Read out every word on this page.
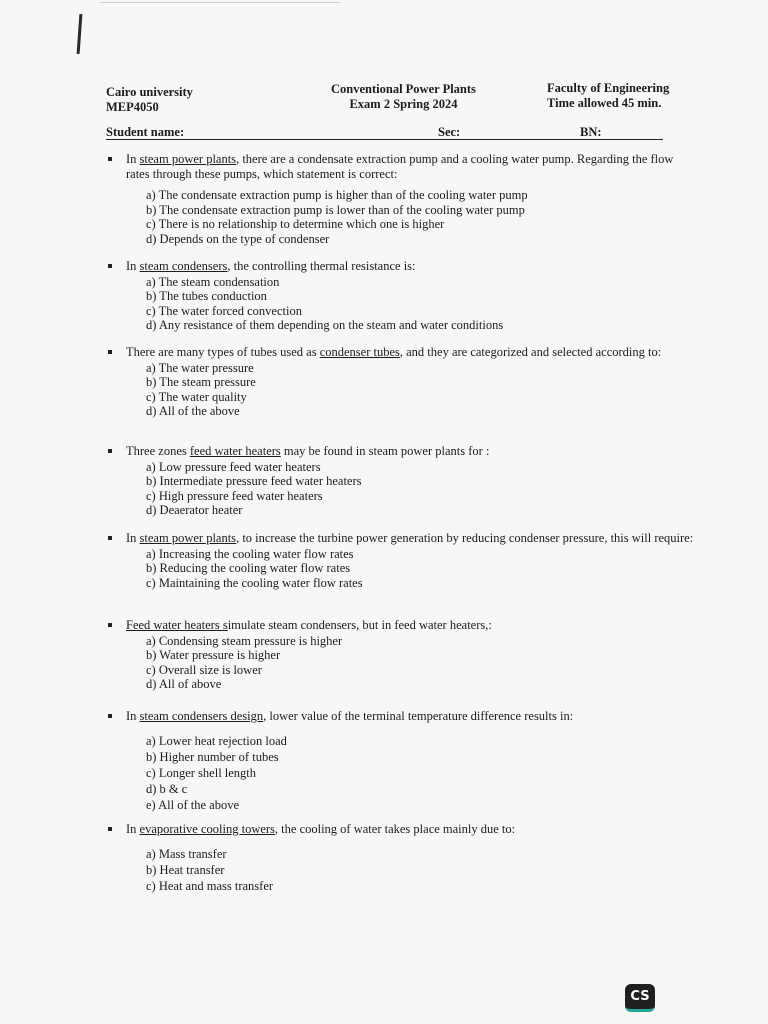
Cairo university
MEP4050
Conventional Power Plants
Exam 2 Spring 2024
Faculty of Engineering
Time allowed 45 min.
Student name:	Sec:	BN:
In steam power plants, there are a condensate extraction pump and a cooling water pump. Regarding the flow rates through these pumps, which statement is correct:
a) The condensate extraction pump is higher than of the cooling water pump
b) The condensate extraction pump is lower than of the cooling water pump
c) There is no relationship to determine which one is higher
d) Depends on the type of condenser
In steam condensers, the controlling thermal resistance is:
a) The steam condensation
b) The tubes conduction
c) The water forced convection
d) Any resistance of them depending on the steam and water conditions
There are many types of tubes used as condenser tubes, and they are categorized and selected according to:
a) The water pressure
b) The steam pressure
c) The water quality
d) All of the above
Three zones feed water heaters may be found in steam power plants for :
a) Low pressure feed water heaters
b) Intermediate pressure feed water heaters
c) High pressure feed water heaters
d) Deaerator heater
In steam power plants, to increase the turbine power generation by reducing condenser pressure, this will require:
a) Increasing the cooling water flow rates
b) Reducing the cooling water flow rates
c) Maintaining the cooling water flow rates
Feed water heaters simulate steam condensers, but in feed water heaters,:
a) Condensing steam pressure is higher
b) Water pressure is higher
c) Overall size is lower
d) All of above
In steam condensers design, lower value of the terminal temperature difference results in:
a) Lower heat rejection load
b) Higher number of tubes
c) Longer shell length
d) b & c
e) All of the above
In evaporative cooling towers, the cooling of water takes place mainly due to:
a) Mass transfer
b) Heat transfer
c) Heat and mass transfer
CS
